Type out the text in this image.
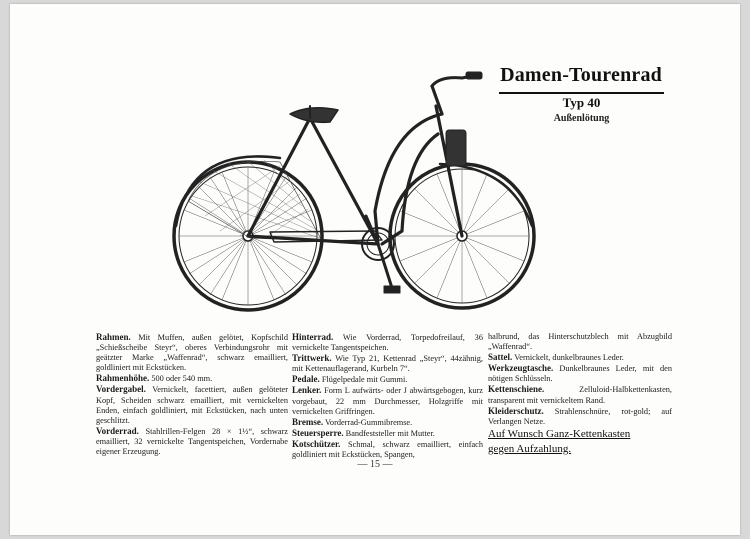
Damen-Tourenrad
Typ 40
Außenlötung

Rahmen. Mit Muffen, außen gelötet, Kopfschild „Schießscheibe Steyr“, oberes Verbindungsrohr mit geätzter Marke „Waffenrad“, schwarz emailliert, goldliniert mit Eckstücken.

Rahmenhöhe. 500 oder 540 mm.

Vordergabel. Vernickelt, facettiert, außen gelöteter Kopf, Scheiden schwarz emailliert, mit vernickelten Enden, einfach goldliniert, mit Eckstücken, nach unten geschlitzt.

Vorderrad. Stahlrillen-Felgen 28 × 1½“, schwarz emailliert, 32 vernickelte Tangentspeichen, Vordernabe eigener Erzeugung.

Hinterrad. Wie Vorderrad, Torpedofreilauf, 36 vernickelte Tangentspeichen.

Trittwerk. Wie Typ 21, Kettenrad „Steyr“, 44zähnig, mit Kettenauflagerand, Kurbeln 7“.

Pedale. Flügelpedale mit Gummi.

Lenker. Form L aufwärts- oder J abwärtsgebogen, kurz vorgebaut, 22 mm Durchmesser, Holzgriffe mit vernickelten Griffringen.

Bremse. Vorderrad-Gummibremse.

Steuersperre. Bandfeststeller mit Mutter.

Kotschützer. Schmal, schwarz emailliert, einfach goldliniert mit Eckstücken, Spangen,

halbrund, das Hinterschutzblech mit Abzugbild „Waffenrad“.

Sattel. Vernickelt, dunkelbraunes Leder.

Werkzeugtasche. Dunkelbraunes Leder, mit den nötigen Schlüsseln.

Kettenschiene.	Zelluloid-Halbkettenkasten, transparent mit vernickeltem Rand.

Kleiderschutz. Strahlenschnüre, rot-gold; auf Verlangen Netze.

Auf Wunsch Ganz-Kettenkasten

gegen Aufzahlung.

— 15 —
